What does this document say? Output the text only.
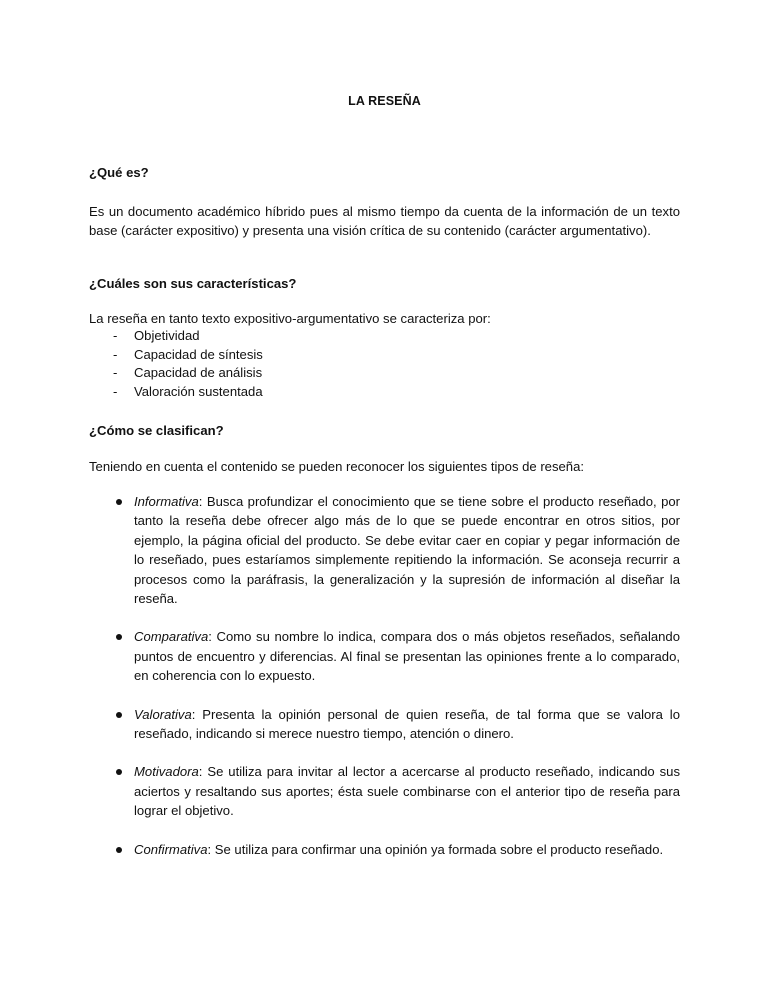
LA RESEÑA
¿Qué es?

Es un documento académico híbrido pues al mismo tiempo da cuenta de la información de un texto base (carácter expositivo) y presenta una visión crítica de su contenido (carácter argumentativo).

¿Cuáles son sus características?

La reseña en tanto texto expositivo-argumentativo se caracteriza por:

- Objetividad
- Capacidad de síntesis
- Capacidad de análisis
- Valoración sustentada
¿Cómo se clasifican?

Teniendo en cuenta el contenido se pueden reconocer los siguientes tipos de reseña:

Informativa: Busca profundizar el conocimiento que se tiene sobre el producto reseñado, por tanto la reseña debe ofrecer algo más de lo que se puede encontrar en otros sitios, por ejemplo, la página oficial del producto. Se debe evitar caer en copiar y pegar información de lo reseñado, pues estaríamos simplemente repitiendo la información. Se aconseja recurrir a procesos como la paráfrasis, la generalización y la supresión de información al diseñar la reseña.
Comparativa: Como su nombre lo indica, compara dos o más objetos reseñados, señalando puntos de encuentro y diferencias. Al final se presentan las opiniones frente a lo comparado, en coherencia con lo expuesto.
Valorativa: Presenta la opinión personal de quien reseña, de tal forma que se valora lo reseñado, indicando si merece nuestro tiempo, atención o dinero.
Motivadora: Se utiliza para invitar al lector a acercarse al producto reseñado, indicando sus aciertos y resaltando sus aportes; ésta suele combinarse con el anterior tipo de reseña para lograr el objetivo.
Confirmativa: Se utiliza para confirmar una opinión ya formada sobre el producto reseñado.
